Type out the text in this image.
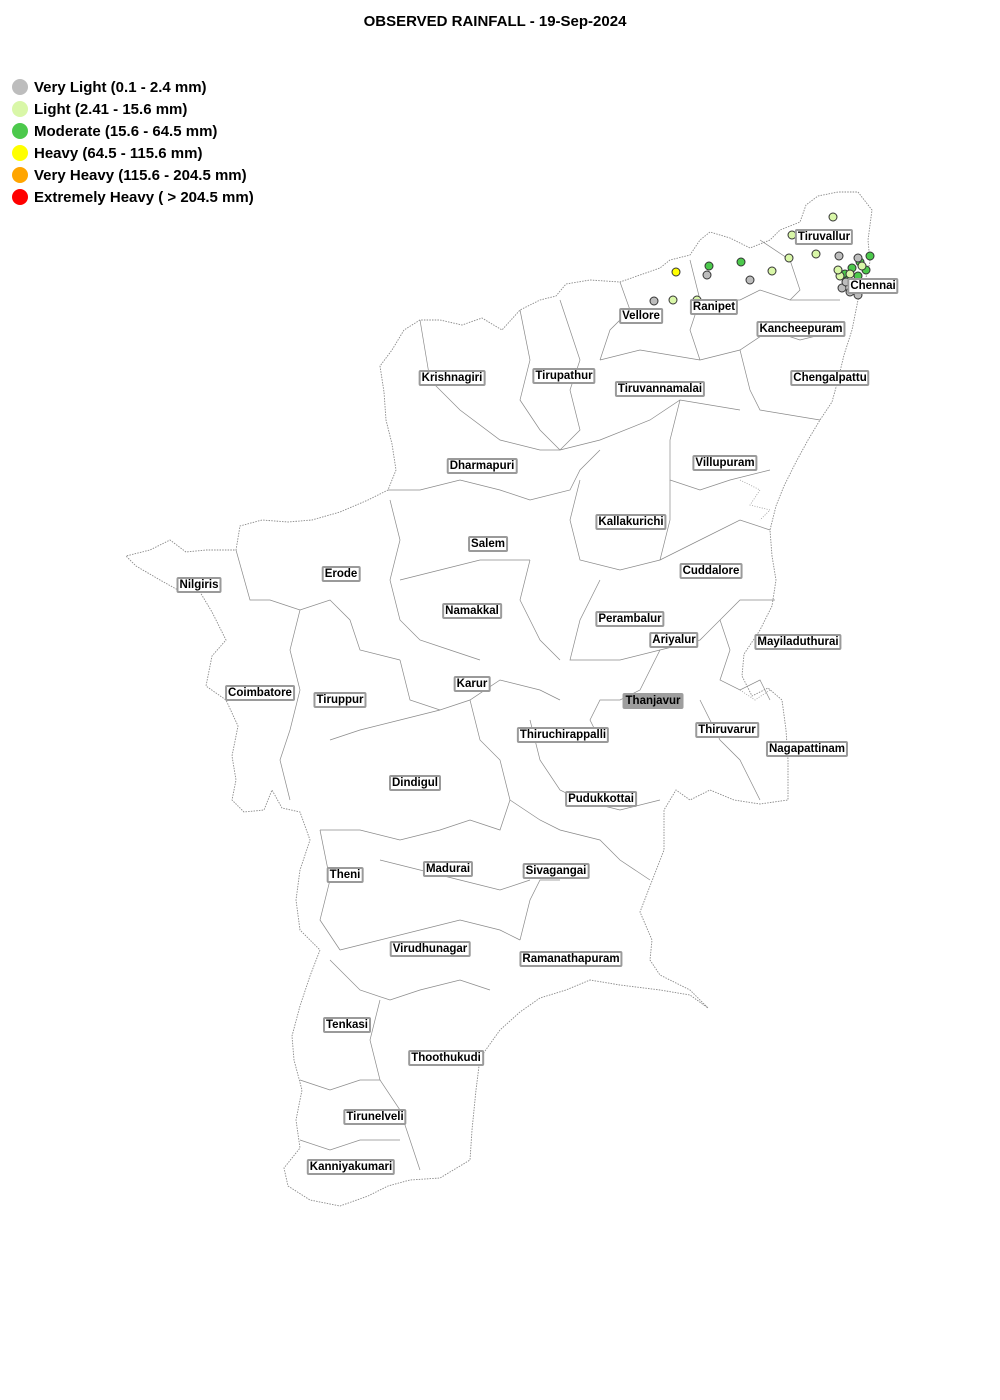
OBSERVED RAINFALL - 19-Sep-2024
Very Light (0.1 - 2.4 mm)
Light (2.41 - 15.6 mm)
Moderate (15.6 - 64.5 mm)
Heavy (64.5 - 115.6 mm)
Very Heavy (115.6 - 204.5 mm)
Extremely Heavy ( > 204.5 mm)
Tiruvallur
Chennai
Ranipet
Vellore
Kancheepuram
Chengalpattu
Tirupathur
Krishnagiri
Tiruvannamalai
Villupuram
Dharmapuri
Kallakurichi
Salem
Nilgiris
Erode	Cuddalore
Namakkal
Perambalur
Ariyalur	Mayiladuthurai
Coimbatore
Tiruppur
Karur
Thanjavur
Thiruvarur
Thiruchirappalli
Nagapattinam
Dindigul
Pudukkottai
Theni	Madurai	Sivagangai
Virudhunagar
Ramanathapuram
Tenkasi
Thoothukudi
Tirunelveli
Kanniyakumari
